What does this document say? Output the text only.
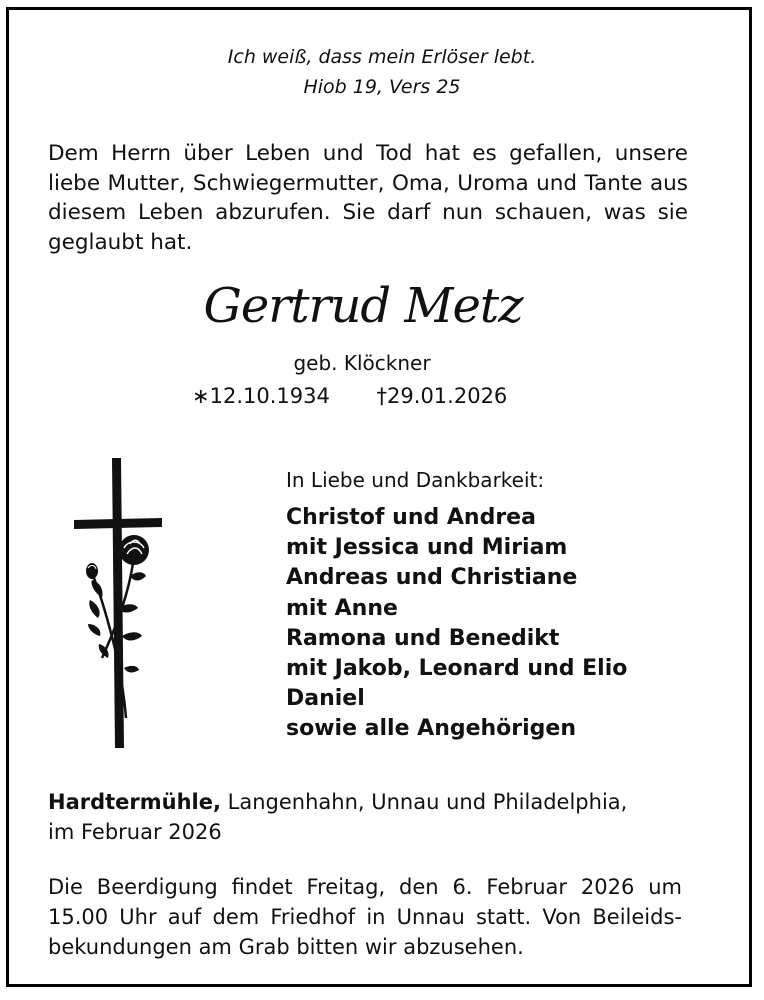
Ich weiß, dass mein Erlöser lebt.
Hiob 19, Vers 25
Dem Herrn über Leben und Tod hat es gefallen, unsere liebe Mutter, Schwiegermutter, Oma, Uroma und Tante aus diesem Leben abzurufen. Sie darf nun schauen, was sie geglaubt hat.
Gertrud Metz
geb. Klöckner
∗12.10.1934 †29.01.2026
In Liebe und Dankbarkeit:
Christof und Andrea
mit Jessica und Miriam
Andreas und Christiane
mit Anne
Ramona und Benedikt
mit Jakob, Leonard und Elio
Daniel
sowie alle Angehörigen
Hardtermühle, Langenhahn, Unnau und Philadelphia,
im Februar 2026
Die Beerdigung findet Freitag, den 6. Februar 2026 um 15.00 Uhr auf dem Friedhof in Unnau statt. Von Beileids-bekundungen am Grab bitten wir abzusehen.
